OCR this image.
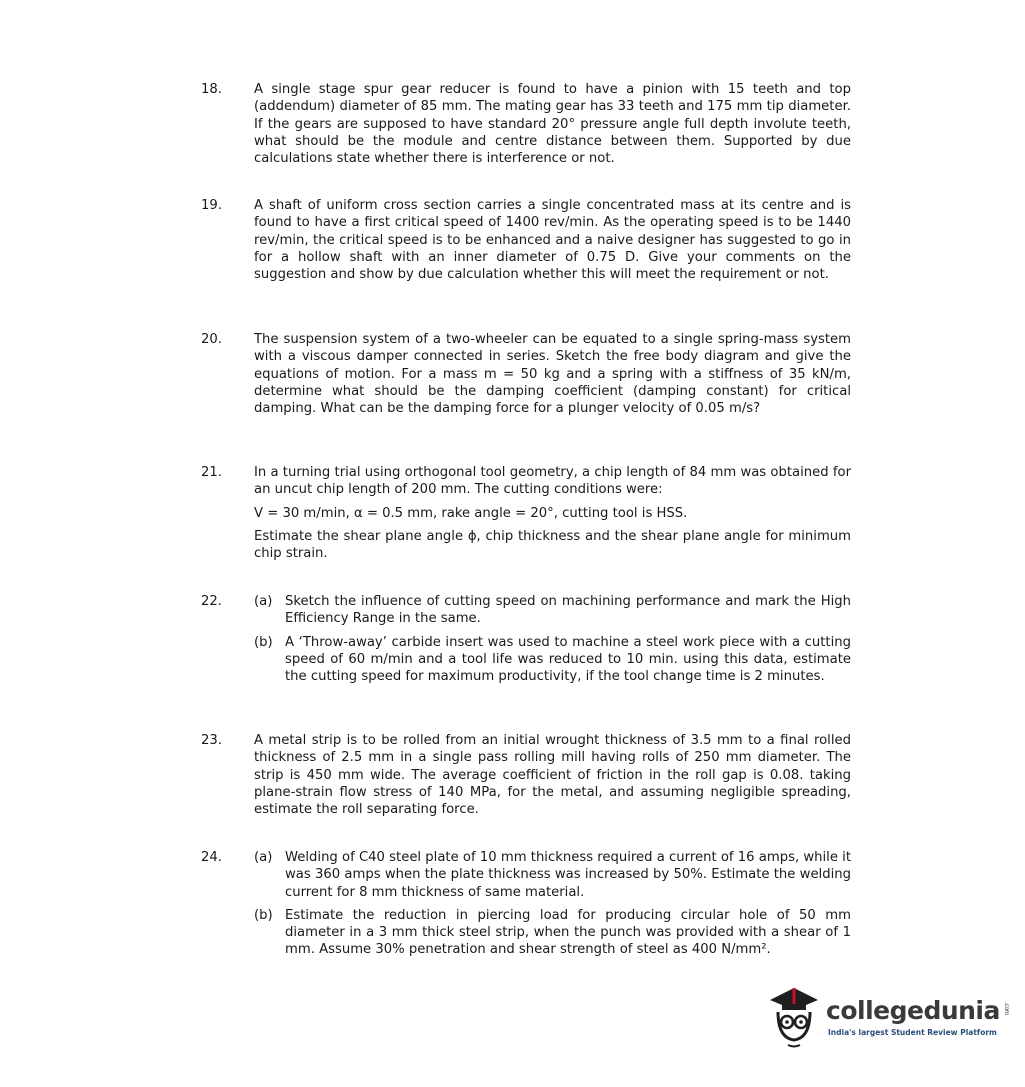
18.	A single stage spur gear reducer is found to have a pinion with 15 teeth and top (addendum) diameter of 85 mm. The mating gear has 33 teeth and 175 mm tip diameter. If the gears are supposed to have standard 20° pressure angle full depth involute teeth, what should be the module and centre distance between them. Supported by due calculations state whether there is interference or not.

19.	A shaft of uniform cross section carries a single concentrated mass at its centre and is found to have a first critical speed of 1400 rev/min. As the operating speed is to be 1440 rev/min, the critical speed is to be enhanced and a naive designer has suggested to go in for a hollow shaft with an inner diameter of 0.75 D. Give your comments on the suggestion and show by due calculation whether this will meet the requirement or not.

20.	The suspension system of a two-wheeler can be equated to a single spring-mass system with a viscous damper connected in series. Sketch the free body diagram and give the equations of motion. For a mass m = 50 kg and a spring with a stiffness of 35 kN/m, determine what should be the damping coefficient (damping constant) for critical damping. What can be the damping force for a plunger velocity of 0.05 m/s?

21.	In a turning trial using orthogonal tool geometry, a chip length of 84 mm was obtained for an uncut chip length of 200 mm. The cutting conditions were:

V = 30 m/min, α = 0.5 mm, rake angle = 20°, cutting tool is HSS.

Estimate the shear plane angle ϕ, chip thickness and the shear plane angle for minimum chip strain.

22.	(a) Sketch the influence of cutting speed on machining performance and mark the High Efficiency Range in the same.
(b) A ‘Throw-away’ carbide insert was used to machine a steel work piece with a cutting speed of 60 m/min and a tool life was reduced to 10 min. using this data, estimate the cutting speed for maximum productivity, if the tool change time is 2 minutes.
23.	A metal strip is to be rolled from an initial wrought thickness of 3.5 mm to a final rolled thickness of 2.5 mm in a single pass rolling mill having rolls of 250 mm diameter. The strip is 450 mm wide. The average coefficient of friction in the roll gap is 0.08. taking plane-strain flow stress of 140 MPa, for the metal, and assuming negligible spreading, estimate the roll separating force.

24.	(a) Welding of C40 steel plate of 10 mm thickness required a current of 16 amps, while it was 360 amps when the plate thickness was increased by 50%. Estimate the welding current for 8 mm thickness of same material.
(b) Estimate the reduction in piercing load for producing circular hole of 50 mm diameter in a 3 mm thick steel strip, when the punch was provided with a shear of 1 mm. Assume 30% penetration and shear strength of steel as 400 N/mm².
collegedunia .com
India's largest Student Review Platform
